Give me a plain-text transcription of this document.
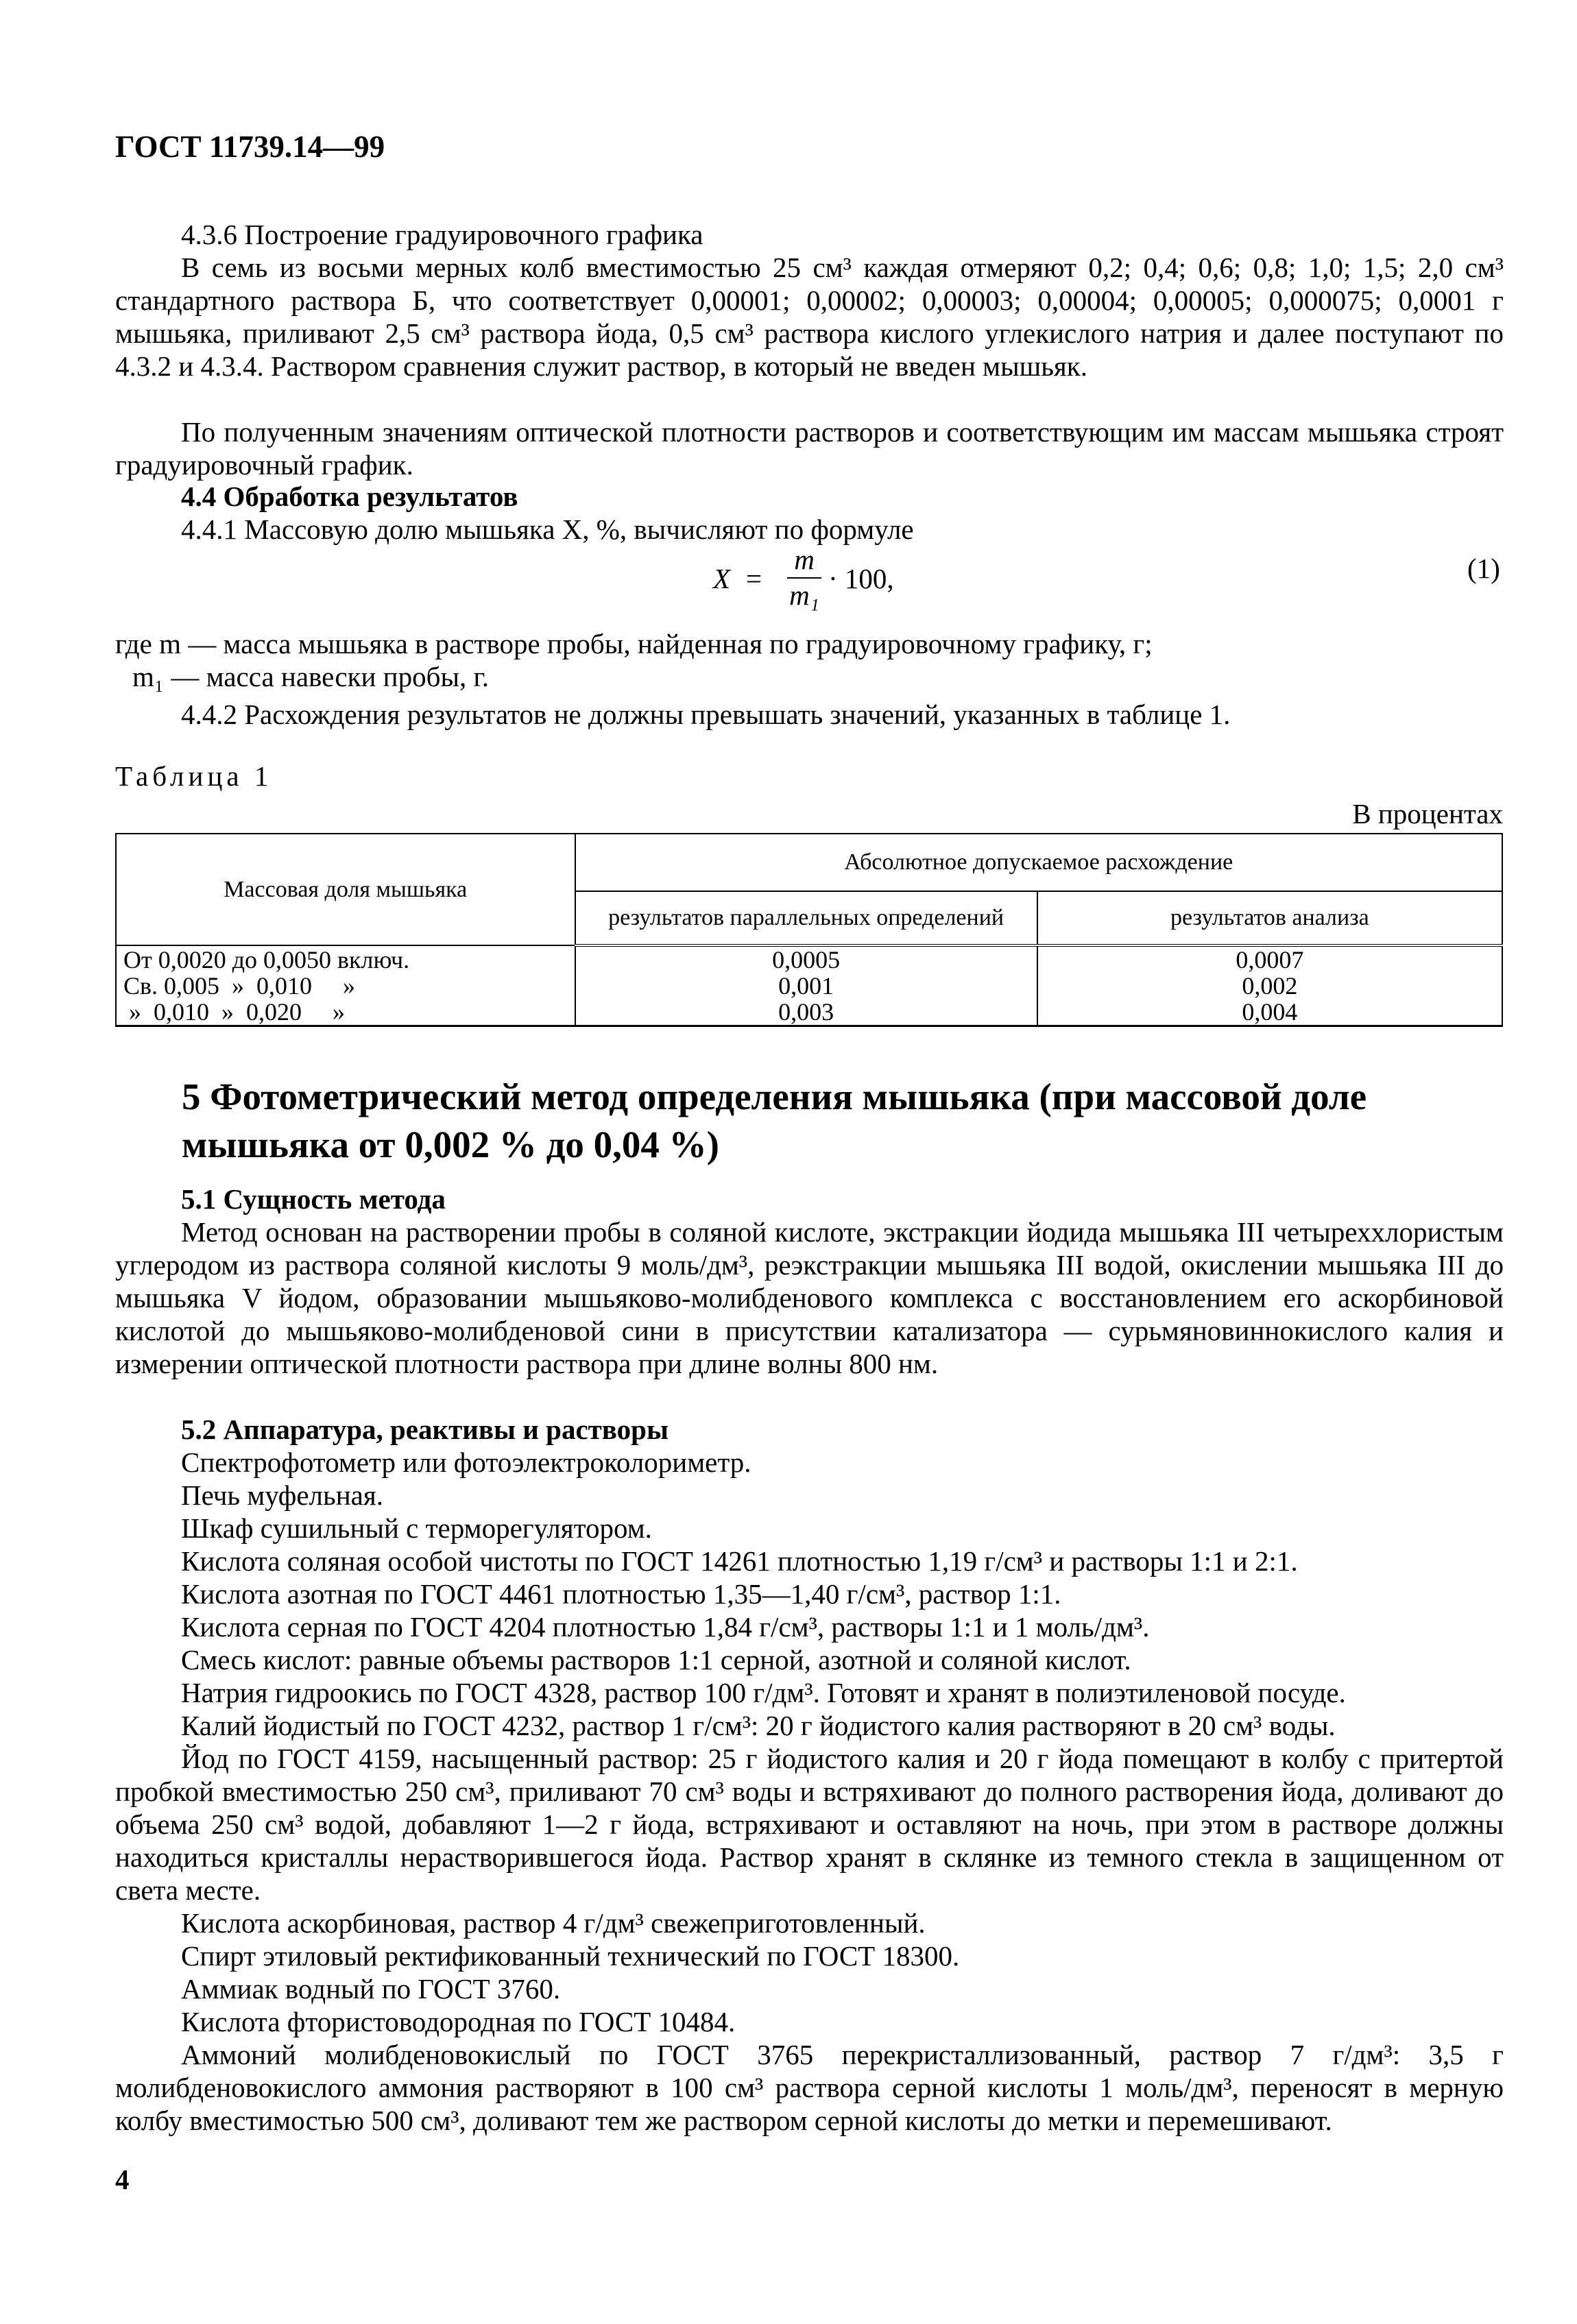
ГОСТ 11739.14—99
4.3.6 Построение градуировочного графика
В семь из восьми мерных колб вместимостью 25 см³ каждая отмеряют 0,2; 0,4; 0,6; 0,8; 1,0; 1,5; 2,0 см³ стандартного раствора Б, что соответствует 0,00001; 0,00002; 0,00003; 0,00004; 0,00005; 0,000075; 0,0001 г мышьяка, приливают 2,5 см³ раствора йода, 0,5 см³ раствора кислого углекислого натрия и далее поступают по 4.3.2 и 4.3.4. Раствором сравнения служит раствор, в который не введен мышьяк.
По полученным значениям оптической плотности растворов и соответствующим им массам мышьяка строят градуировочный график.
4.4 Обработка результатов
4.4.1 Массовую долю мышьяка X, %, вычисляют по формуле
X =
m
m₁
· 100,	(1)
где m — масса мышьяка в растворе пробы, найденная по градуировочному графику, г;
m₁ — масса навески пробы, г.
4.4.2 Расхождения результатов не должны превышать значений, указанных в таблице 1.
Таблица 1
В процентах
Массовая доля мышьяка	Абсолютное допускаемое расхождение	
	результатов параллельных определений	результатов анализа
От 0,0020 до 0,0050 включ.	0,0005	0,0007
Св. 0,005  »  0,010     »	0,001	0,002
»  0,010  »  0,020     »	0,003	0,004
5 Фотометрический метод определения мышьяка (при массовой доле мышьяка от 0,002 % до 0,04 %)
5.1 Сущность метода
Метод основан на растворении пробы в соляной кислоте, экстракции йодида мышьяка III четыреххлористым углеродом из раствора соляной кислоты 9 моль/дм³, реэкстракции мышьяка III водой, окислении мышьяка III до мышьяка V йодом, образовании мышьяково-молибденового комплекса с восстановлением его аскорбиновой кислотой до мышьяково-молибденовой сини в присутствии катализатора — сурьмяновиннокислого калия и измерении оптической плотности раствора при длине волны 800 нм.
5.2 Аппаратура, реактивы и растворы
Спектрофотометр или фотоэлектроколориметр.
Печь муфельная.
Шкаф сушильный с терморегулятором.
Кислота соляная особой чистоты по ГОСТ 14261 плотностью 1,19 г/см³ и растворы 1:1 и 2:1.
Кислота азотная по ГОСТ 4461 плотностью 1,35—1,40 г/см³, раствор 1:1.
Кислота серная по ГОСТ 4204 плотностью 1,84 г/см³, растворы 1:1 и 1 моль/дм³.
Смесь кислот: равные объемы растворов 1:1 серной, азотной и соляной кислот.
Натрия гидроокись по ГОСТ 4328, раствор 100 г/дм³. Готовят и хранят в полиэтиленовой посуде.
Калий йодистый по ГОСТ 4232, раствор 1 г/см³: 20 г йодистого калия растворяют в 20 см³ воды.
Йод по ГОСТ 4159, насыщенный раствор: 25 г йодистого калия и 20 г йода помещают в колбу с притертой пробкой вместимостью 250 см³, приливают 70 см³ воды и встряхивают до полного растворения йода, доливают до объема 250 см³ водой, добавляют 1—2 г йода, встряхивают и оставляют на ночь, при этом в растворе должны находиться кристаллы нерастворившегося йода. Раствор хранят в склянке из темного стекла в защищенном от света месте.
Кислота аскорбиновая, раствор 4 г/дм³ свежеприготовленный.
Спирт этиловый ректификованный технический по ГОСТ 18300.
Аммиак водный по ГОСТ 3760.
Кислота фтористоводородная по ГОСТ 10484.
Аммоний молибденовокислый по ГОСТ 3765 перекристаллизованный, раствор 7 г/дм³: 3,5 г молибденовокислого аммония растворяют в 100 см³ раствора серной кислоты 1 моль/дм³, переносят в мерную колбу вместимостью 500 см³, доливают тем же раствором серной кислоты до метки и перемешивают.
4
